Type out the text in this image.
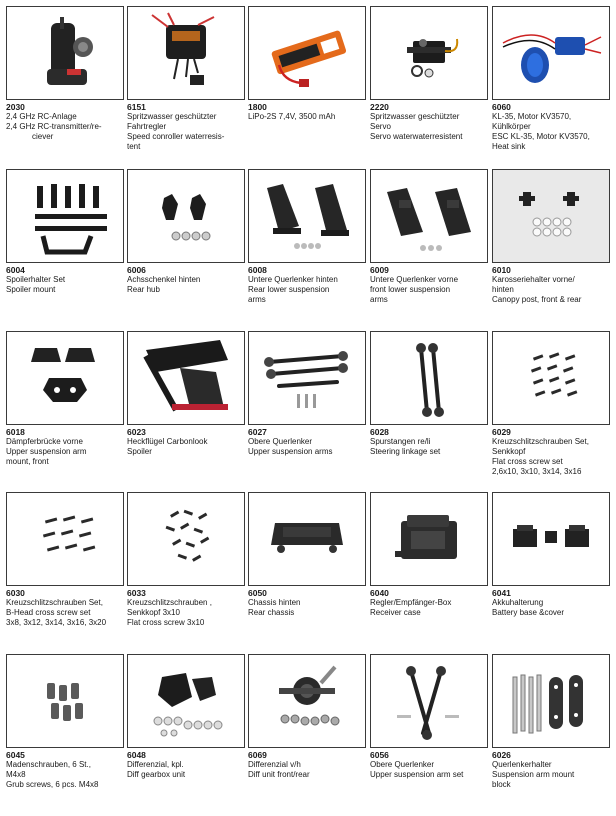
2030
2,4 GHz RC-Anlage
2,4 GHz RC-transmitter/re-
ciever
6151
Spritzwasser geschützter
Fahrtregler
Speed conroller waterresis-
tent
1800
LiPo-2S 7,4V, 3500 mAh
2220
Spritzwasser geschützter
Servo
Servo waterwaterresistent
6060
KL-35, Motor KV3570,
Kühlkörper
ESC KL-35, Motor KV3570,
Heat sink
6004
Spoilerhalter Set
Spoiler mount
6006
Achsschenkel hinten
Rear hub
6008
Untere Querlenker hinten
Rear lower suspension
arms
6009
Untere Querlenker vorne
front lower suspension
arms
6010
Karosseriehalter vorne/
hinten
Canopy post, front & rear
6018
Dämpferbrücke vorne
Upper suspension arm
mount, front
6023
Heckflügel Carbonlook
Spoiler
6027
Obere Querlenker
Upper suspension arms
6028
Spurstangen re/li
Steering linkage set
6029
Kreuzschlitzschrauben Set,
Senkkopf
Flat cross screw set
2,6x10, 3x10, 3x14, 3x16
6030
Kreuzschlitzschrauben Set,
B-Head cross screw set
3x8, 3x12, 3x14, 3x16, 3x20
6033
Kreuzschlitzschrauben ,
Senkkopf 3x10
Flat cross screw 3x10
6050
Chassis hinten
Rear chassis
6040
Regler/Empfänger-Box
Receiver case
6041
Akkuhalterung
Battery base &cover
6045
Madenschrauben, 6 St.,
M4x8
Grub screws, 6 pcs. M4x8
6048
Differenzial, kpl.
Diff gearbox unit
6069
Differenzial v/h
Diff unit front/rear
6056
Obere Querlenker
Upper suspension arm set
6026
Querlenkerhalter
Suspension arm mount
block
